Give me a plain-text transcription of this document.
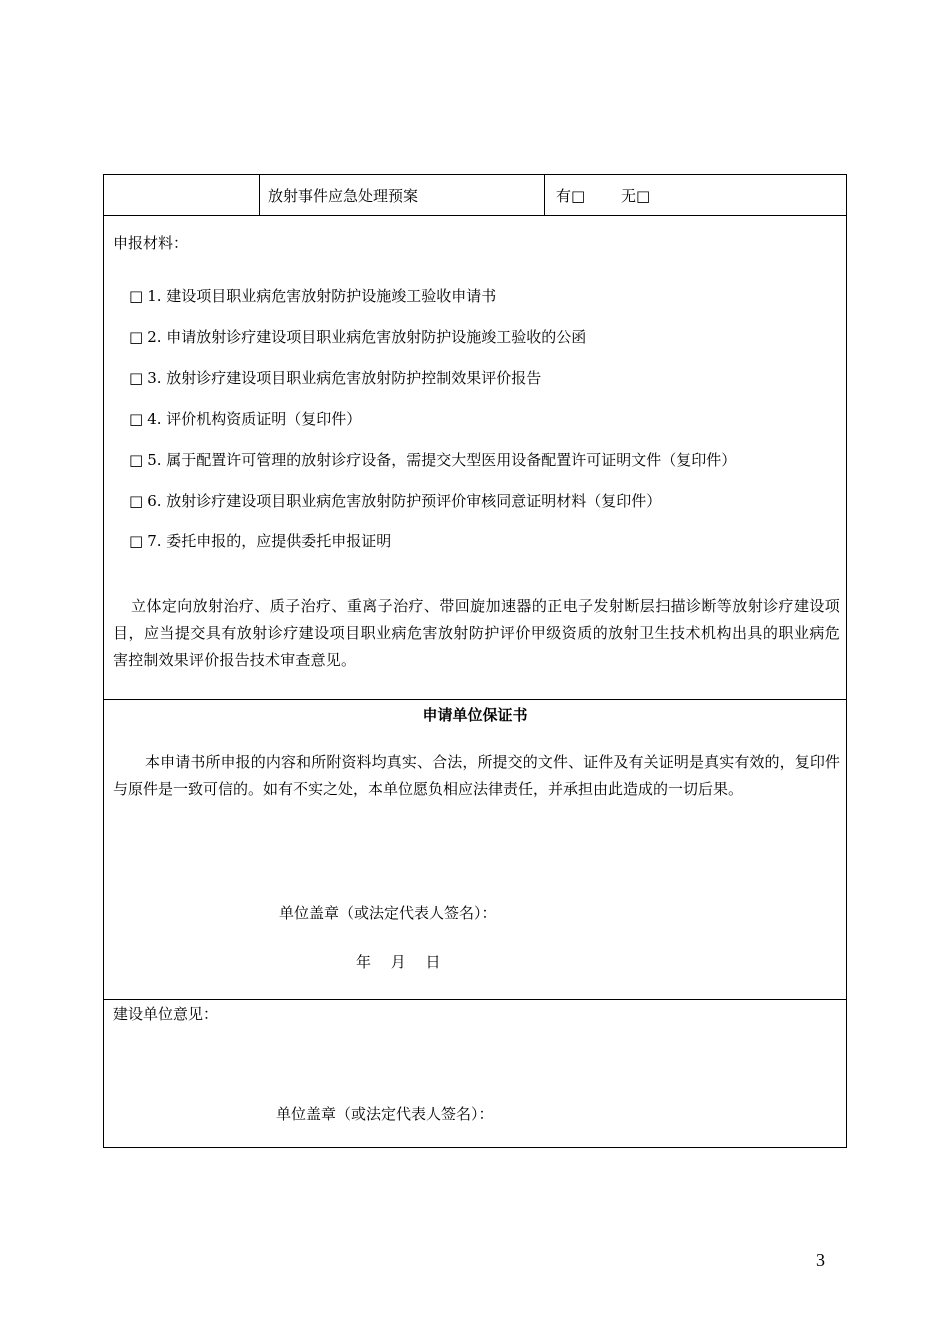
放射事件应急处理预案	有□ 无□
申报材料：
□ 1. 建设项目职业病危害放射防护设施竣工验收申请书
□ 2. 申请放射诊疗建设项目职业病危害放射防护设施竣工验收的公函
□ 3. 放射诊疗建设项目职业病危害放射防护控制效果评价报告
□ 4. 评价机构资质证明（复印件）
□ 5. 属于配置许可管理的放射诊疗设备，需提交大型医用设备配置许可证明文件（复印件）
□ 6. 放射诊疗建设项目职业病危害放射防护预评价审核同意证明材料（复印件）
□ 7. 委托申报的，应提供委托申报证明
立体定向放射治疗、质子治疗、重离子治疗、带回旋加速器的正电子发射断层扫描诊断等放射诊疗建设项目，应当提交具有放射诊疗建设项目职业病危害放射防护评价甲级资质的放射卫生技术机构出具的职业病危害控制效果评价报告技术审查意见。
申请单位保证书
本申请书所申报的内容和所附资料均真实、合法，所提交的文件、证件及有关证明是真实有效的，复印件与原件是一致可信的。如有不实之处，本单位愿负相应法律责任，并承担由此造成的一切后果。
单位盖章（或法定代表人签名）：
年　 月　 日
建设单位意见：
单位盖章（或法定代表人签名）：
3
